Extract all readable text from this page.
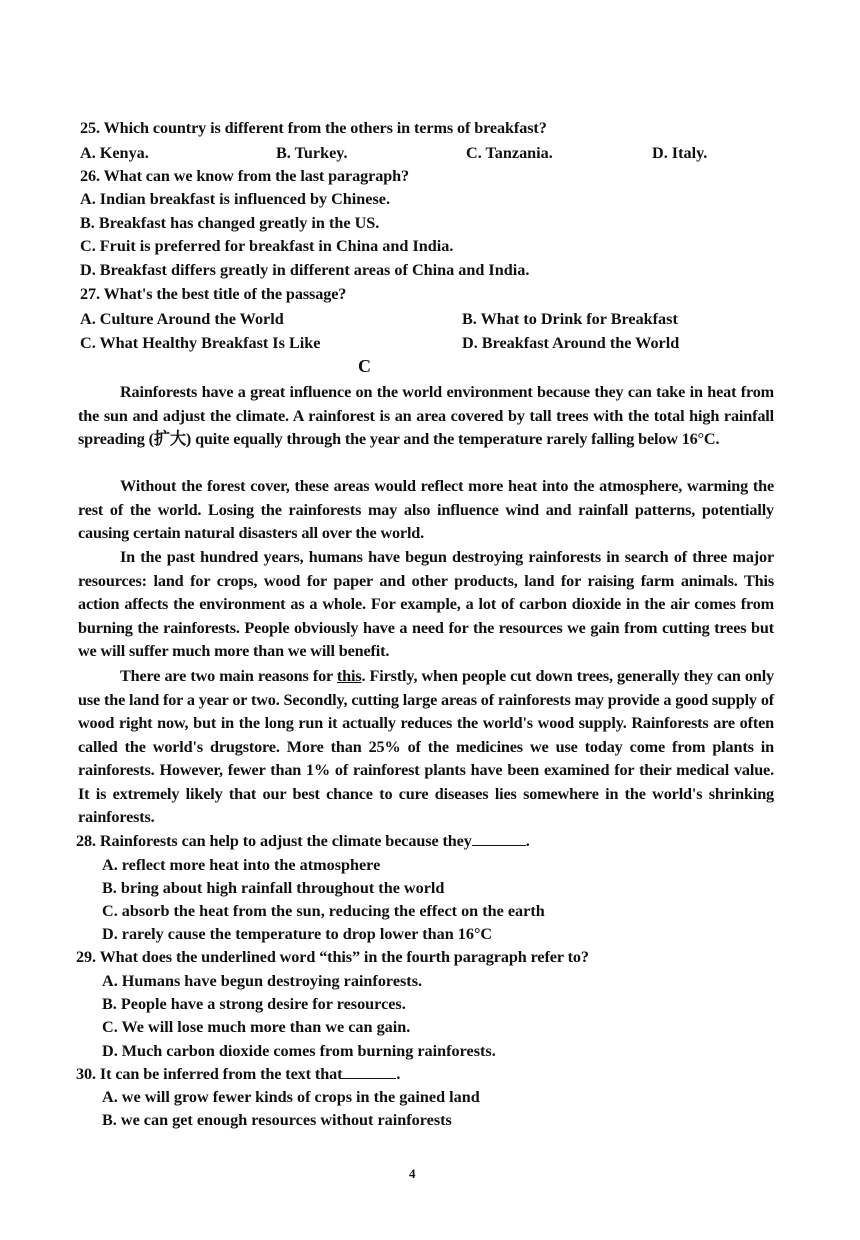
25. Which country is different from the others in terms of breakfast?
A. Kenya.	B. Turkey.	C. Tanzania.	D. Italy.
26. What can we know from the last paragraph?
A. Indian breakfast is influenced by Chinese.
B. Breakfast has changed greatly in the US.
C. Fruit is preferred for breakfast in China and India.
D. Breakfast differs greatly in different areas of China and India.
27. What's the best title of the passage?
A. Culture Around the World	B. What to Drink for Breakfast
C. What Healthy Breakfast Is Like	D. Breakfast Around the World
C
Rainforests have a great influence on the world environment because they can take in heat from the sun and adjust the climate. A rainforest is an area covered by tall trees with the total high rainfall spreading (扩大) quite equally through the year and the temperature rarely falling below 16°C.
Without the forest cover, these areas would reflect more heat into the atmosphere, warming the rest of the world. Losing the rainforests may also influence wind and rainfall patterns, potentially causing certain natural disasters all over the world.
In the past hundred years, humans have begun destroying rainforests in search of three major resources: land for crops, wood for paper and other products, land for raising farm animals. This action affects the environment as a whole. For example, a lot of carbon dioxide in the air comes from burning the rainforests. People obviously have a need for the resources we gain from cutting trees but we will suffer much more than we will benefit.
There are two main reasons for this. Firstly, when people cut down trees, generally they can only use the land for a year or two. Secondly, cutting large areas of rainforests may provide a good supply of wood right now, but in the long run it actually reduces the world's wood supply. Rainforests are often called the world's drugstore. More than 25% of the medicines we use today come from plants in rainforests. However, fewer than 1% of rainforest plants have been examined for their medical value. It is extremely likely that our best chance to cure diseases lies somewhere in the world's shrinking rainforests.
28. Rainforests can help to adjust the climate because they	.
A. reflect more heat into the atmosphere
B. bring about high rainfall throughout the world
C. absorb the heat from the sun, reducing the effect on the earth
D. rarely cause the temperature to drop lower than 16°C
29. What does the underlined word “this” in the fourth paragraph refer to?
A. Humans have begun destroying rainforests.
B. People have a strong desire for resources.
C. We will lose much more than we can gain.
D. Much carbon dioxide comes from burning rainforests.
30. It can be inferred from the text that	.
A. we will grow fewer kinds of crops in the gained land
B. we can get enough resources without rainforests
4
